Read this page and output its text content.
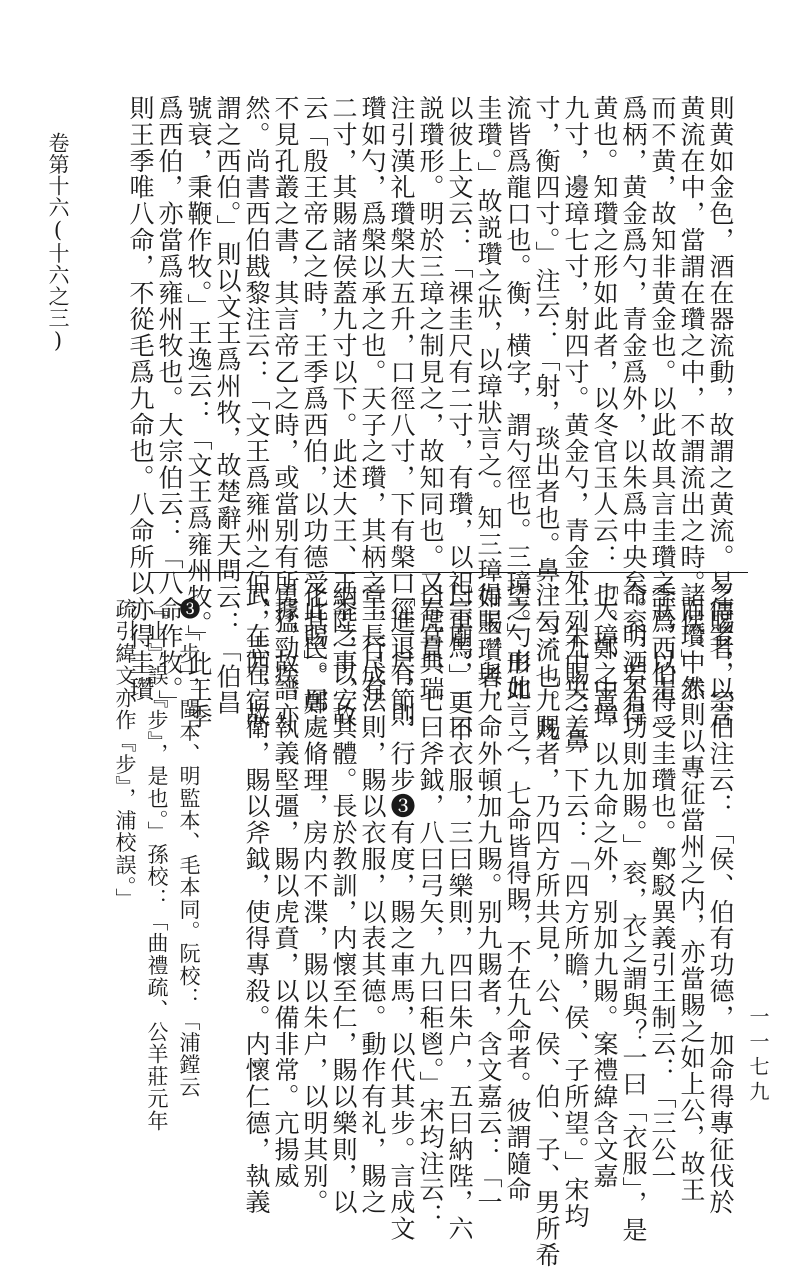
卷第十六(十六之三)	則黄如金色，酒在器流動，故謂之黄流。易傳者，以言
黄流在中，當謂在瓚之中，不謂流出之時。而瓚中赤
而不黄，故知非黄金也。以此故具言圭瓚之狀，以圭
爲柄，黄金爲勺，青金爲外，以朱爲中央矣。明酒不得
黄也。知瓚之形如此者，以冬官玉人云：「大璋、中璋
九寸，邊璋七寸，射四寸。黄金勺，青金外，朱中央，鼻
寸，衡四寸。」注云：「射，琰出者也。鼻，勺流也。凡
流皆爲龍口也。衡，横字，謂勺徑也。三璋之勺形如
圭瓚。」故説瓚之狀，以璋狀言之。知三璋如玉瓚者，
以彼上文云：「裸圭尺有二寸，有瓚，以祀宗廟。」更不
説瓚形。明於三璋之制見之，故知同也。又春官典瑞
注引漢礼瓚槃大五升，口徑八寸，下有槃口徑一尺，則
瓚如勺，爲槃以承之也。天子之瓚，其柄之圭長尺有
二寸，其賜諸侯蓋九寸以下。此述大王、王季之事，故
云「殷王帝乙之時，王季爲西伯，以功德受此賜」。鄭
不見孔叢之書，其言帝乙之時，或當别有所據，故譜亦
然。尚書西伯戡黎注云：「文王爲雍州之伯，在西，故
謂之西伯。」則以文王爲州牧，故楚辭天問云：「伯昌
號衰，秉鞭作牧。」王逸云：「文王爲雍州牧。」此王季
爲西伯，亦當爲雍州牧也。大宗伯云：「八命作牧。」
則王季唯八命，不從毛爲九命也。八命所以亦得圭瓚
之賜者，宗伯注云：「侯、伯有功德，加命得專征伐於
諸侯。」然則以專征當州之内，亦當賜之如上公，故王
季爲西伯得受圭瓚也。鄭駁異義引王制云：「三公一
命衮，若有功則加賜。」衮，衣之謂與？一曰「衣服」，是
也。鄭之意，以九命之外，别加九賜。案禮緯含文嘉
上列九賜之差，下云：「四方所瞻，侯、子所望。」宋均
注云：「九賜者，乃四方所共見，公、侯、伯、子、男所希
望。」由此言之，七命皆得賜，不在九命者。彼謂隨命
得賜，與九命外頓加九賜。别九賜者，含文嘉云：「一
曰車馬，二曰衣服，三曰樂則，四曰朱户，五曰納陛，六
曰虎賁，七曰斧鉞，八曰弓矢，九曰秬鬯。」宋均注云：
「進退有節，行步❸有度，賜之車馬，以代其步。言成文
章，行成法則，賜以衣服，以表其德。動作有礼，賜之
納陛，以安其體。長於教訓，内懷至仁，賜以樂則，以
化其民。居處脩理，房内不渫，賜以朱户，以明其别。
勇猛勁疾，執義堅彊，賜以虎賁，以備非常。亢揚威
武，志在宿衛，賜以斧鉞，使得專殺。内懷仁德，執義
❸「步」，閩本、明監本、毛本同。阮校：「浦鏜云
『止』誤『步』，是也。」孫校：「曲禮疏、公羊莊元年
疏引緯文亦作『步』，浦校誤。」
一一七九
